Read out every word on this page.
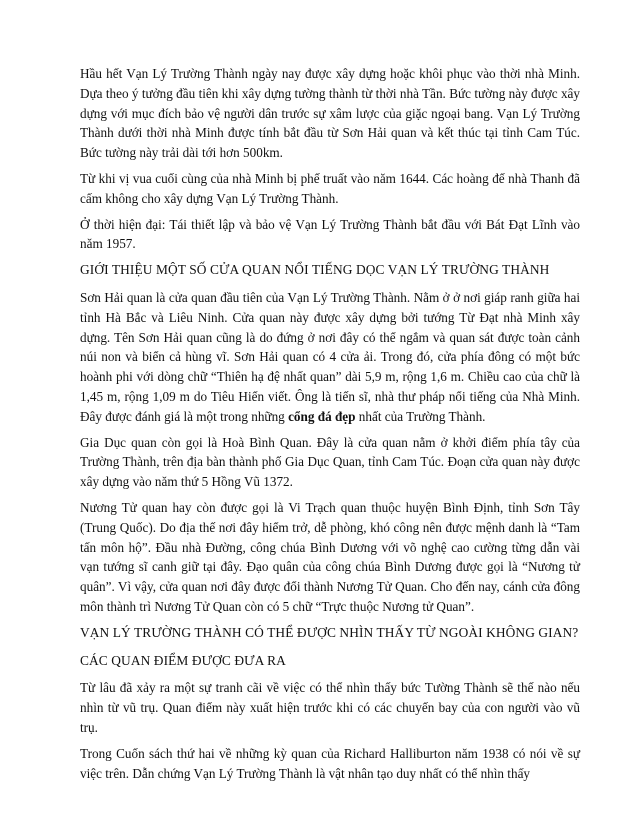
Hầu hết Vạn Lý Trường Thành ngày nay được xây dựng hoặc khôi phục vào thời nhà Minh. Dựa theo ý tưởng đầu tiên khi xây dựng tường thành từ thời nhà Tần. Bức tường này được xây dựng với mục đích bảo vệ người dân trước sự xâm lược của giặc ngoại bang. Vạn Lý Trường Thành dưới thời nhà Minh được tính bắt đầu từ Sơn Hải quan và kết thúc tại tỉnh Cam Túc. Bức tường này trải dài tới hơn 500km.

Từ khi vị vua cuối cùng của nhà Minh bị phế truất vào năm 1644. Các hoàng đế nhà Thanh đã cấm không cho xây dựng Vạn Lý Trường Thành.

Ở thời hiện đại: Tái thiết lập và bảo vệ Vạn Lý Trường Thành bắt đầu với Bát Đạt Lĩnh vào năm 1957.

GIỚI THIỆU MỘT SỐ CỬA QUAN NỔI TIẾNG DỌC VẠN LÝ TRƯỜNG THÀNH

Sơn Hải quan là cửa quan đầu tiên của Vạn Lý Trường Thành. Nằm ở ở nơi giáp ranh giữa hai tỉnh Hà Bắc và Liêu Ninh. Cửa quan này được xây dựng bởi tướng Từ Đạt nhà Minh xây dựng. Tên Sơn Hải quan cũng là do đứng ở nơi đây có thể ngắm và quan sát được toàn cảnh núi non và biển cả hùng vĩ. Sơn Hải quan có 4 cửa ải. Trong đó, cửa phía đông có một bức hoành phi với dòng chữ “Thiên hạ đệ nhất quan” dài 5,9 m, rộng 1,6 m. Chiều cao của chữ là 1,45 m, rộng 1,09 m do Tiêu Hiển viết. Ông là tiến sĩ, nhà thư pháp nổi tiếng của Nhà Minh. Đây được đánh giá là một trong những cổng đá đẹp nhất của Trường Thành.

Gia Dục quan còn gọi là Hoà Bình Quan. Đây là cửa quan nằm ở khởi điểm phía tây của Trường Thành, trên địa bàn thành phố Gia Dục Quan, tỉnh Cam Túc. Đoạn cửa quan này được xây dựng vào năm thứ 5 Hồng Vũ 1372.

Nương Tử quan hay còn được gọi là Vi Trạch quan thuộc huyện Bình Định, tỉnh Sơn Tây (Trung Quốc). Do địa thế nơi đây hiểm trở, dễ phòng, khó công nên được mệnh danh là “Tam tấn môn hộ”. Đầu nhà Đường, công chúa Bình Dương với võ nghệ cao cường từng dẫn vài vạn tướng sĩ canh giữ tại đây. Đạo quân của công chúa Bình Dương được gọi là “Nương tử quân”. Vì vậy, cửa quan nơi đây được đổi thành Nương Tử Quan. Cho đến nay, cánh cửa đông môn thành trì Nương Tử Quan còn có 5 chữ “Trực thuộc Nương tử Quan”.

VẠN LÝ TRƯỜNG THÀNH CÓ THỂ ĐƯỢC NHÌN THẤY TỪ NGOÀI KHÔNG GIAN?

CÁC QUAN ĐIỂM ĐƯỢC ĐƯA RA

Từ lâu đã xảy ra một sự tranh cãi về việc có thể nhìn thấy bức Tường Thành sẽ thế nào nếu nhìn từ vũ trụ. Quan điểm này xuất hiện trước khi có các chuyến bay của con người vào vũ trụ.

Trong Cuốn sách thứ hai về những kỳ quan của Richard Halliburton năm 1938 có nói về sự việc trên. Dẫn chứng Vạn Lý Trường Thành là vật nhân tạo duy nhất có thể nhìn thấy
